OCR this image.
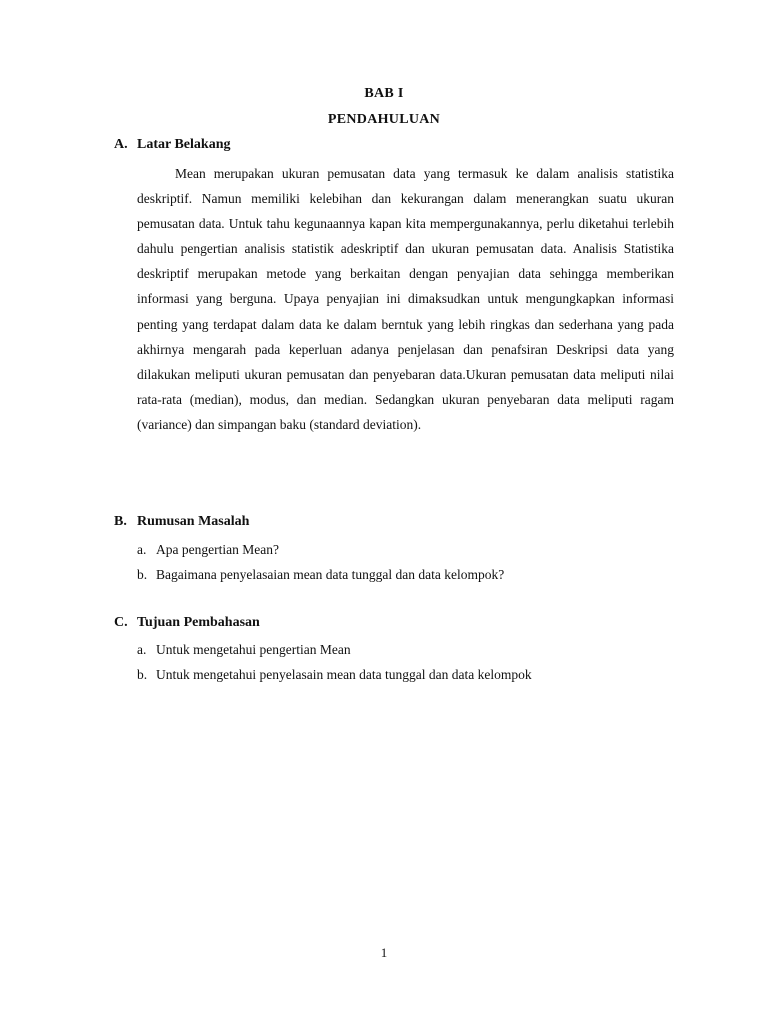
BAB I
PENDAHULUAN
A. Latar Belakang

Mean merupakan ukuran pemusatan data yang termasuk ke dalam analisis statistika deskriptif. Namun memiliki kelebihan dan kekurangan dalam menerangkan suatu ukuran pemusatan data. Untuk tahu kegunaannya kapan kita mempergunakannya, perlu diketahui terlebih dahulu pengertian analisis statistik adeskriptif dan ukuran pemusatan data. Analisis Statistika deskriptif merupakan metode yang berkaitan dengan penyajian data sehingga memberikan informasi yang berguna. Upaya penyajian ini dimaksudkan untuk mengungkapkan informasi penting yang terdapat dalam data ke dalam berntuk yang lebih ringkas dan sederhana yang pada akhirnya mengarah pada keperluan adanya penjelasan dan penafsiran Deskripsi data yang dilakukan meliputi ukuran pemusatan dan penyebaran data.Ukuran pemusatan data meliputi nilai rata-rata (median), modus, dan median. Sedangkan ukuran penyebaran data meliputi ragam (variance) dan simpangan baku (standard deviation).

B. Rumusan Masalah
a. Apa pengertian Mean?
b. Bagaimana penyelasaian mean data tunggal dan data kelompok?
C. Tujuan Pembahasan
a. Untuk mengetahui pengertian Mean
b. Untuk mengetahui penyelasain mean data tunggal dan data kelompok
1
